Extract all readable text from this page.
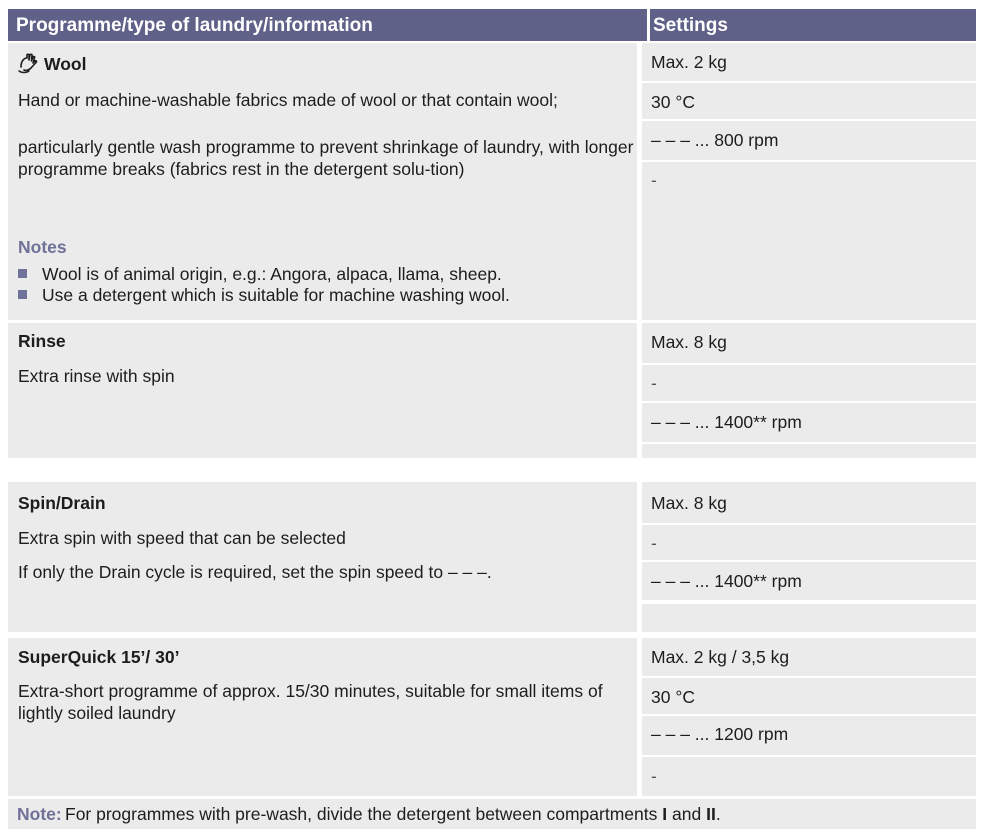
Programme/type of laundry/information	Settings
Wool
Hand or machine-washable fabrics made of wool or that contain wool;
particularly gentle wash programme to prevent shrinkage of laundry, with longer programme breaks (fabrics rest in the detergent solu-tion)
Notes
Wool is of animal origin, e.g.: Angora, alpaca, llama, sheep.
Use a detergent which is suitable for machine washing wool.
Max. 2 kg
30 °C
– – – ... 800 rpm
-
Rinse
Extra rinse with spin
Max. 8 kg
-
– – – ... 1400** rpm
Spin/Drain
Extra spin with speed that can be selected
If only the Drain cycle is required, set the spin speed to – – –.
Max. 8 kg
-
– – – ... 1400** rpm
SuperQuick 15’/ 30’
Extra-short programme of approx. 15/30 minutes, suitable for small items of lightly soiled laundry
Max. 2 kg / 3,5 kg
30 °C
– – – ... 1200 rpm
-
Note: For programmes with pre-wash, divide the detergent between compartments I and II.
